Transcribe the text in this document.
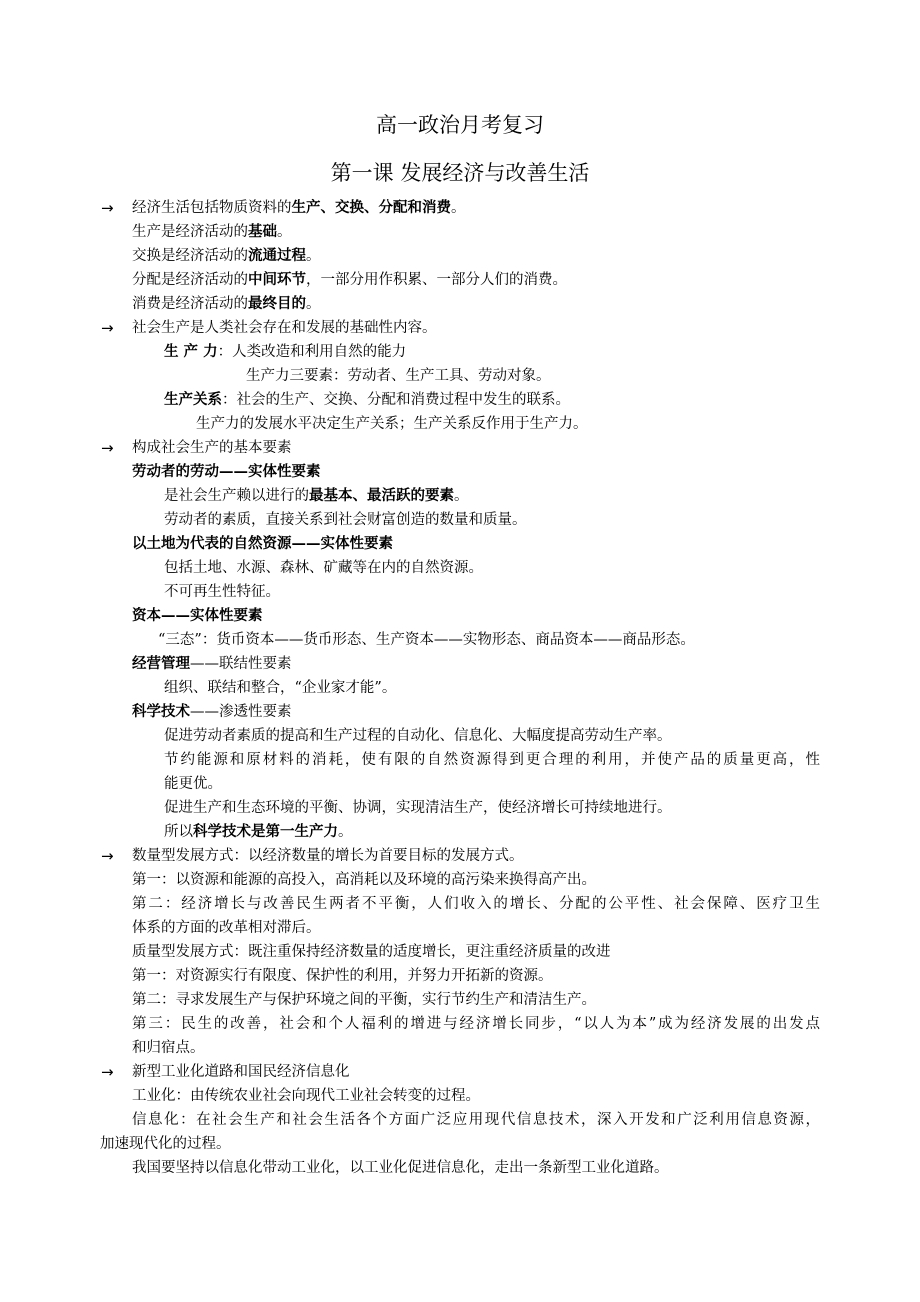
高一政治月考复习
第一课 发展经济与改善生活
→ 经济生活包括物质资料的生产、交换、分配和消费。
生产是经济活动的基础。
交换是经济活动的流通过程。
分配是经济活动的中间环节，一部分用作积累、一部分人们的消费。
消费是经济活动的最终目的。
→ 社会生产是人类社会存在和发展的基础性内容。
生 产 力：人类改造和利用自然的能力
生产力三要素：劳动者、生产工具、劳动对象。
生产关系：社会的生产、交换、分配和消费过程中发生的联系。
生产力的发展水平决定生产关系；生产关系反作用于生产力。
→ 构成社会生产的基本要素
劳动者的劳动——实体性要素
是社会生产赖以进行的最基本、最活跃的要素。
劳动者的素质，直接关系到社会财富创造的数量和质量。
以土地为代表的自然资源——实体性要素
包括土地、水源、森林、矿藏等在内的自然资源。
不可再生性特征。
资本——实体性要素
“三态”：货币资本——货币形态、生产资本——实物形态、商品资本——商品形态。
经营管理——联结性要素
组织、联结和整合，“企业家才能”。
科学技术——渗透性要素
促进劳动者素质的提高和生产过程的自动化、信息化、大幅度提高劳动生产率。
节约能源和原材料的消耗，使有限的自然资源得到更合理的利用，并使产品的质量更高，性
能更优。
促进生产和生态环境的平衡、协调，实现清洁生产，使经济增长可持续地进行。
所以科学技术是第一生产力。
→ 数量型发展方式：以经济数量的增长为首要目标的发展方式。
第一：以资源和能源的高投入，高消耗以及环境的高污染来换得高产出。
第二：经济增长与改善民生两者不平衡，人们收入的增长、分配的公平性、社会保障、医疗卫生
体系的方面的改革相对滞后。
质量型发展方式：既注重保持经济数量的适度增长，更注重经济质量的改进
第一：对资源实行有限度、保护性的利用，并努力开拓新的资源。
第二：寻求发展生产与保护环境之间的平衡，实行节约生产和清洁生产。
第三：民生的改善，社会和个人福利的增进与经济增长同步，“以人为本”成为经济发展的出发点
和归宿点。
→ 新型工业化道路和国民经济信息化
工业化：由传统农业社会向现代工业社会转变的过程。
信息化：在社会生产和社会生活各个方面广泛应用现代信息技术，深入开发和广泛利用信息资源，
加速现代化的过程。
我国要坚持以信息化带动工业化，以工业化促进信息化，走出一条新型工业化道路。
